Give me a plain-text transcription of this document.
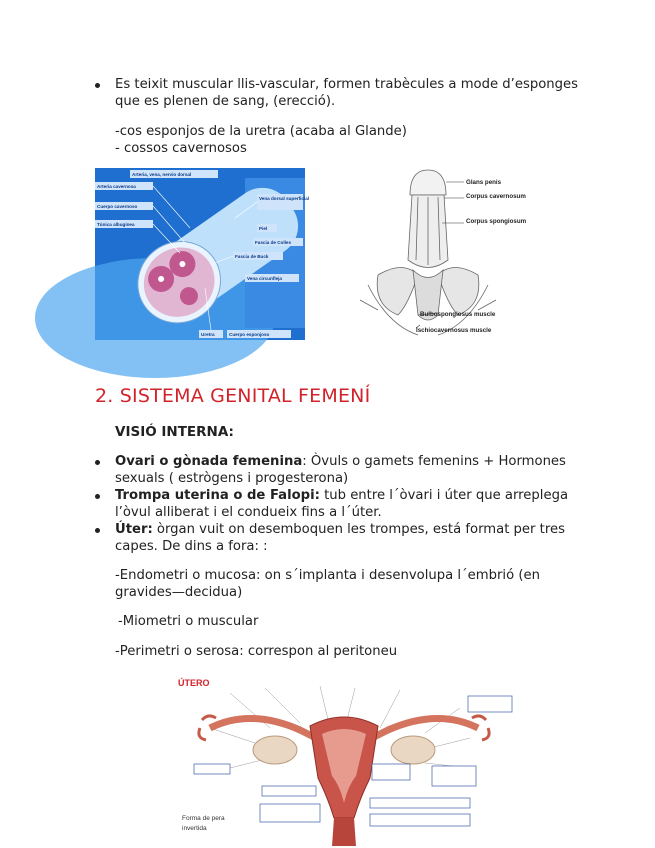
Es teixit muscular llis-vascular, formen trabècules a mode d’esponges que es plenen de sang, (erecció).
-cos esponjos de la uretra (acaba al Glande)
- cossos cavernosos
Arteria, vena, nervio dorsal
Arteria cavernosa
Cuerpo cavernoso
Túnica albugínea
Vena dorsal superficial
Piel
Fascia de Colles
Fascia de Buck
Vena circunfleja
Uretra	Cuerpo esponjoso
Glans penis
Corpus cavernosum
Corpus spongiosum
Bulbospongiosus muscle
Ischiocavernosus muscle
2. SISTEMA GENITAL FEMENÍ
VISIÓ INTERNA:
Ovari o gònada femenina: Òvuls o gamets femenins + Hormones sexuals ( estrògens i progesterona)
Trompa uterina o de Falopi: tub entre l´òvari i úter que arreplega l’òvul alliberat i el condueix fins a l´úter.
Úter: òrgan vuit on desemboquen les trompes, está format per tres capes. De dins a fora: :
-Endometri o mucosa: on s´implanta i desenvolupa l´embrió (en
gravides—decidua)
-Miometri o muscular
-Perimetri o serosa: correspon al peritoneu
ÚTERO
Forma de pera
invertida
